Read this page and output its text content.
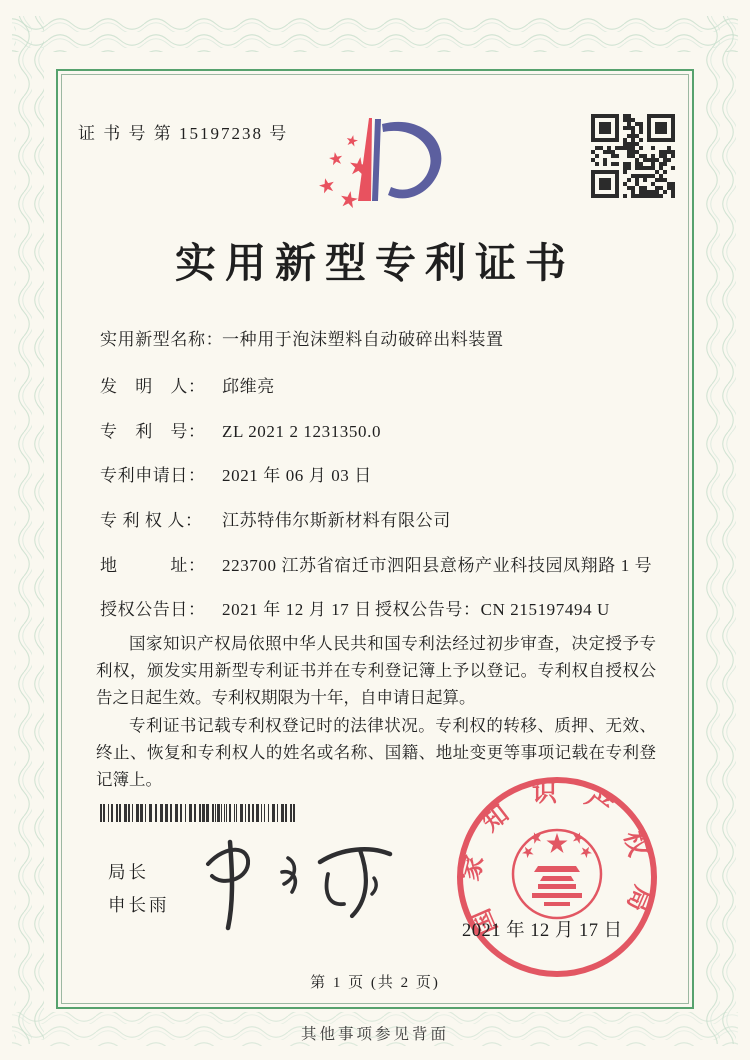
证 书 号 第 15197238 号
实用新型专利证书
实用新型名称：一种用于泡沫塑料自动破碎出料装置
发　明　人： 邱维亮
专　利　号： ZL 2021 2 1231350.0
专利申请日： 2021 年 06 月 03 日
专 利 权 人： 江苏特伟尔斯新材料有限公司
地　　　址： 223700 江苏省宿迁市泗阳县意杨产业科技园凤翔路 1 号
授权公告日： 2021 年 12 月 17 日 授权公告号：CN 215197494 U

国家知识产权局依照中华人民共和国专利法经过初步审查，决定授予专利权，颁发实用新型专利证书并在专利登记簿上予以登记。专利权自授权公告之日起生效。专利权期限为十年，自申请日起算。

专利证书记载专利权登记时的法律状况。专利权的转移、质押、无效、终止、恢复和专利权人的姓名或名称、国籍、地址变更等事项记载在专利登记簿上。

局长
申长雨	国家知识产权局
2021 年 12 月 17 日
第 1 页 (共 2 页)
其他事项参见背面
